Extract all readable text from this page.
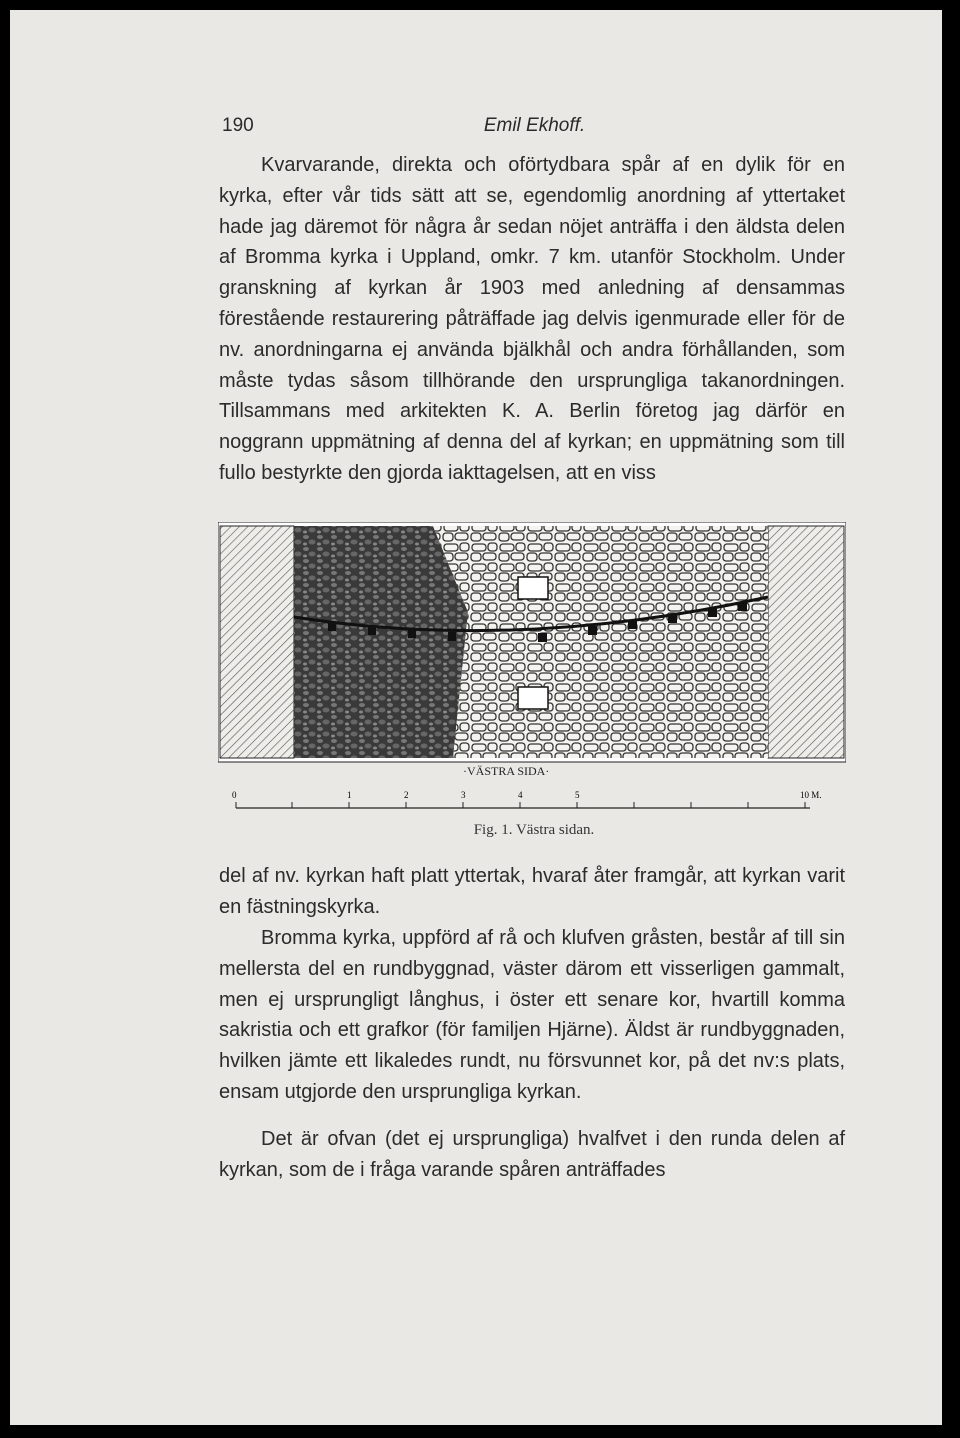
190	Emil Ekhoff.

Kvarvarande, direkta och oförtydbara spår af en dylik för en kyrka, efter vår tids sätt att se, egendomlig anordning af yttertaket hade jag däremot för några år sedan nöjet anträffa i den äldsta delen af Bromma kyrka i Uppland, omkr. 7 km. utanför Stockholm. Under granskning af kyrkan år 1903 med anledning af densammas förestående restaurering påträffade jag delvis igenmurade eller för de nv. anordningarna ej använda bjälkhål och andra förhållanden, som måste tydas såsom tillhörande den ursprungliga takanordningen. Tillsammans med arkitekten K. A. Berlin företog jag därför en noggrann uppmätning af denna del af kyrkan; en uppmätning som till fullo bestyrkte den gjorda iakttagelsen, att en viss

·VÄSTRA SIDA·
0	1	2	3	4	5	10 M.
Fig. 1. Västra sidan.

del af nv. kyrkan haft platt yttertak, hvaraf åter framgår, att kyrkan varit en fästningskyrka.

Bromma kyrka, uppförd af rå och klufven gråsten, består af till sin mellersta del en rundbyggnad, väster därom ett visserligen gammalt, men ej ursprungligt långhus, i öster ett senare kor, hvartill komma sakristia och ett grafkor (för familjen Hjärne). Äldst är rundbyggnaden, hvilken jämte ett likaledes rundt, nu försvunnet kor, på det nv:s plats, ensam utgjorde den ursprungliga kyrkan.

Det är ofvan (det ej ursprungliga) hvalfvet i den runda delen af kyrkan, som de i fråga varande spåren anträffades
